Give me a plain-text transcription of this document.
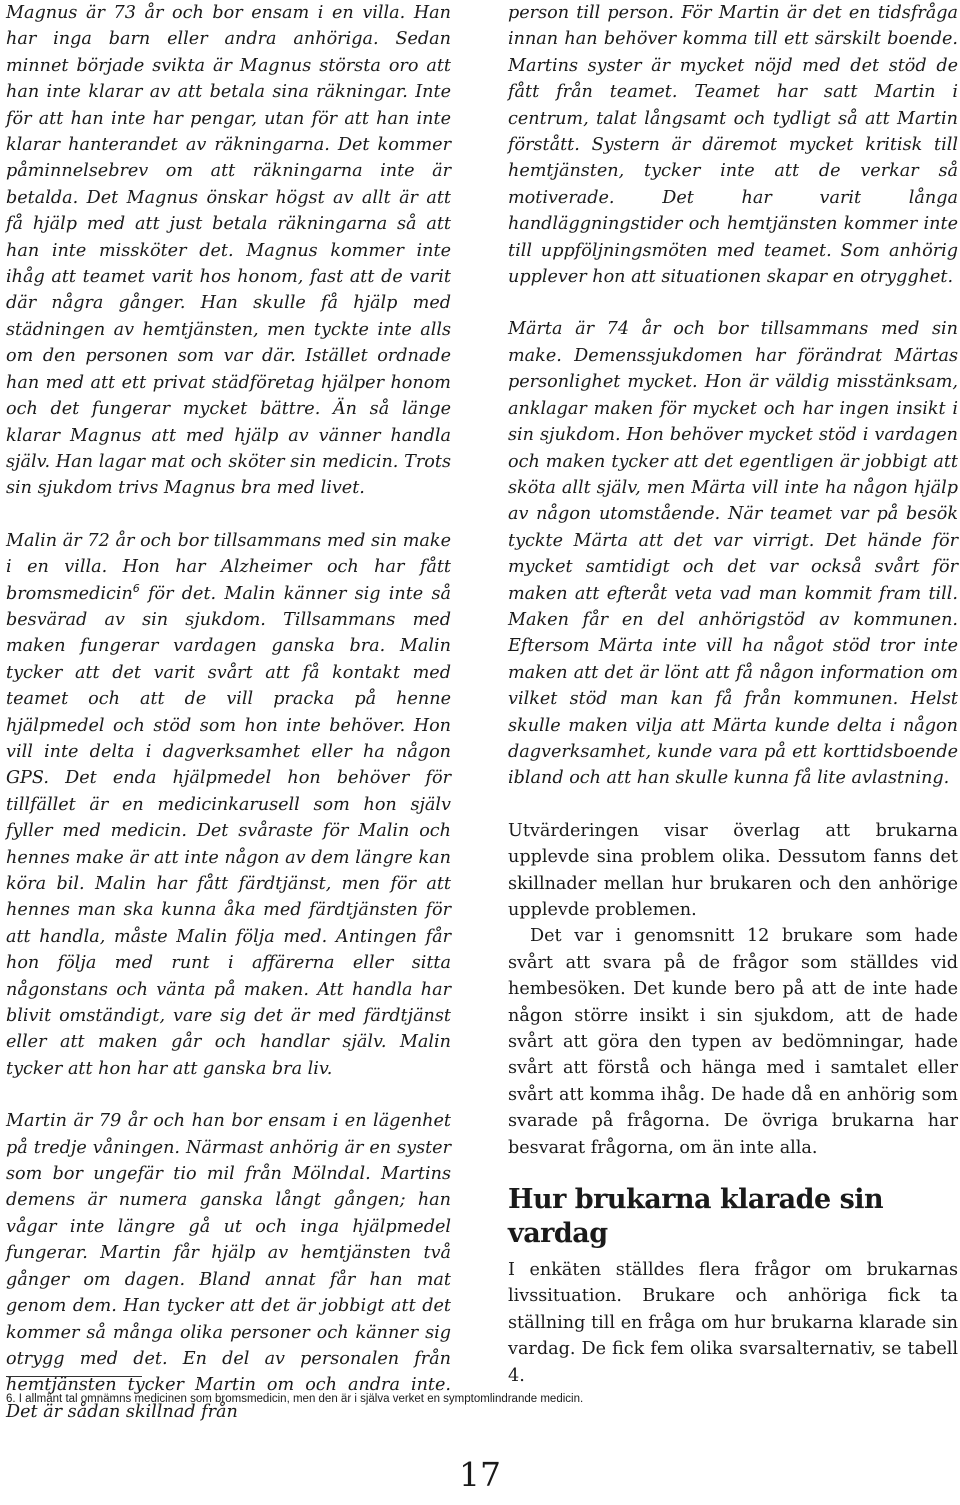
Magnus är 73 år och bor ensam i en villa. Han har inga barn eller andra anhöriga. Sedan minnet började svikta är Magnus största oro att han inte klarar av att betala sina räkningar. Inte för att han inte har pengar, utan för att han inte klarar hanterandet av räkningarna. Det kommer påminnelsebrev om att räkningarna inte är betalda. Det Magnus önskar högst av allt är att få hjälp med att just betala räkningarna så att han inte missköter det. Magnus kommer inte ihåg att teamet varit hos honom, fast att de varit där några gånger. Han skulle få hjälp med städningen av hemtjänsten, men tyckte inte alls om den personen som var där. Istället ordnade han med att ett privat städföretag hjälper honom och det fungerar mycket bättre. Än så länge klarar Magnus att med hjälp av vänner handla själv. Han lagar mat och sköter sin medicin. Trots sin sjukdom trivs Magnus bra med livet.

Malin är 72 år och bor tillsammans med sin make i en villa. Hon har Alzheimer och har fått bromsmedicin$^6$ för det. Malin känner sig inte så besvärad av sin sjukdom. Tillsammans med maken fungerar vardagen ganska bra. Malin tycker att det varit svårt att få kontakt med teamet och att de vill pracka på henne hjälpmedel och stöd som hon inte behöver. Hon vill inte delta i dagverksamhet eller ha någon GPS. Det enda hjälpmedel hon behöver för tillfället är en medicinkarusell som hon själv fyller med medicin. Det svåraste för Malin och hennes make är att inte någon av dem längre kan köra bil. Malin har fått färdtjänst, men för att hennes man ska kunna åka med färdtjänsten för att handla, måste Malin följa med. Antingen får hon följa med runt i affärerna eller sitta någonstans och vänta på maken. Att handla har blivit omständigt, vare sig det är med färdtjänst eller att maken går och handlar själv. Malin tycker att hon har att ganska bra liv.

Martin är 79 år och han bor ensam i en lägenhet på tredje våningen. Närmast anhörig är en syster som bor ungefär tio mil från Mölndal. Martins demens är numera ganska långt gången; han vågar inte längre gå ut och inga hjälpmedel fungerar. Martin får hjälp av hemtjänsten två gånger om dagen. Bland annat får han mat genom dem. Han tycker att det är jobbigt att det kommer så många olika personer och känner sig otrygg med det. En del av personalen från hemtjänsten tycker Martin om och andra inte. Det är sådan skillnad från

person till person. För Martin är det en tidsfråga innan han behöver komma till ett särskilt boende. Martins syster är mycket nöjd med det stöd de fått från teamet. Teamet har satt Martin i centrum, talat långsamt och tydligt så att Martin förstått. Systern är däremot mycket kritisk till hemtjänsten, tycker inte att de verkar så motiverade. Det har varit långa handläggningstider och hemtjänsten kommer inte till uppföljningsmöten med teamet. Som anhörig upplever hon att situationen skapar en otrygghet.

Märta är 74 år och bor tillsammans med sin make. Demenssjukdomen har förändrat Märtas personlighet mycket. Hon är väldig misstänksam, anklagar maken för mycket och har ingen insikt i sin sjukdom. Hon behöver mycket stöd i vardagen och maken tycker att det egentligen är jobbigt att sköta allt själv, men Märta vill inte ha någon hjälp av någon utomstående. När teamet var på besök tyckte Märta att det var virrigt. Det hände för mycket samtidigt och det var också svårt för maken att efteråt veta vad man kommit fram till. Maken får en del anhörigstöd av kommunen. Eftersom Märta inte vill ha något stöd tror inte maken att det är lönt att få någon information om vilket stöd man kan få från kommunen. Helst skulle maken vilja att Märta kunde delta i någon dagverksamhet, kunde vara på ett korttidsboende ibland och att han skulle kunna få lite avlastning.

Utvärderingen visar överlag att brukarna upplevde sina problem olika. Dessutom fanns det skillnader mellan hur brukaren och den anhörige upplevde problemen.

Det var i genomsnitt 12 brukare som hade svårt att svara på de frågor som ställdes vid hembesöken. Det kunde bero på att de inte hade någon större insikt i sin sjukdom, att de hade svårt att göra den typen av bedömningar, hade svårt att förstå och hänga med i samtalet eller svårt att komma ihåg. De hade då en anhörig som svarade på frågorna. De övriga brukarna har besvarat frågorna, om än inte alla.

Hur brukarna klarade sin vardag

I enkäten ställdes flera frågor om brukarnas livssituation. Brukare och anhöriga fick ta ställning till en fråga om hur brukarna klarade sin vardag. De fick fem olika svarsalternativ, se tabell 4.

6. I allmänt tal omnämns medicinen som bromsmedicin, men den är i själva verket en symptomlindrande medicin.
17
